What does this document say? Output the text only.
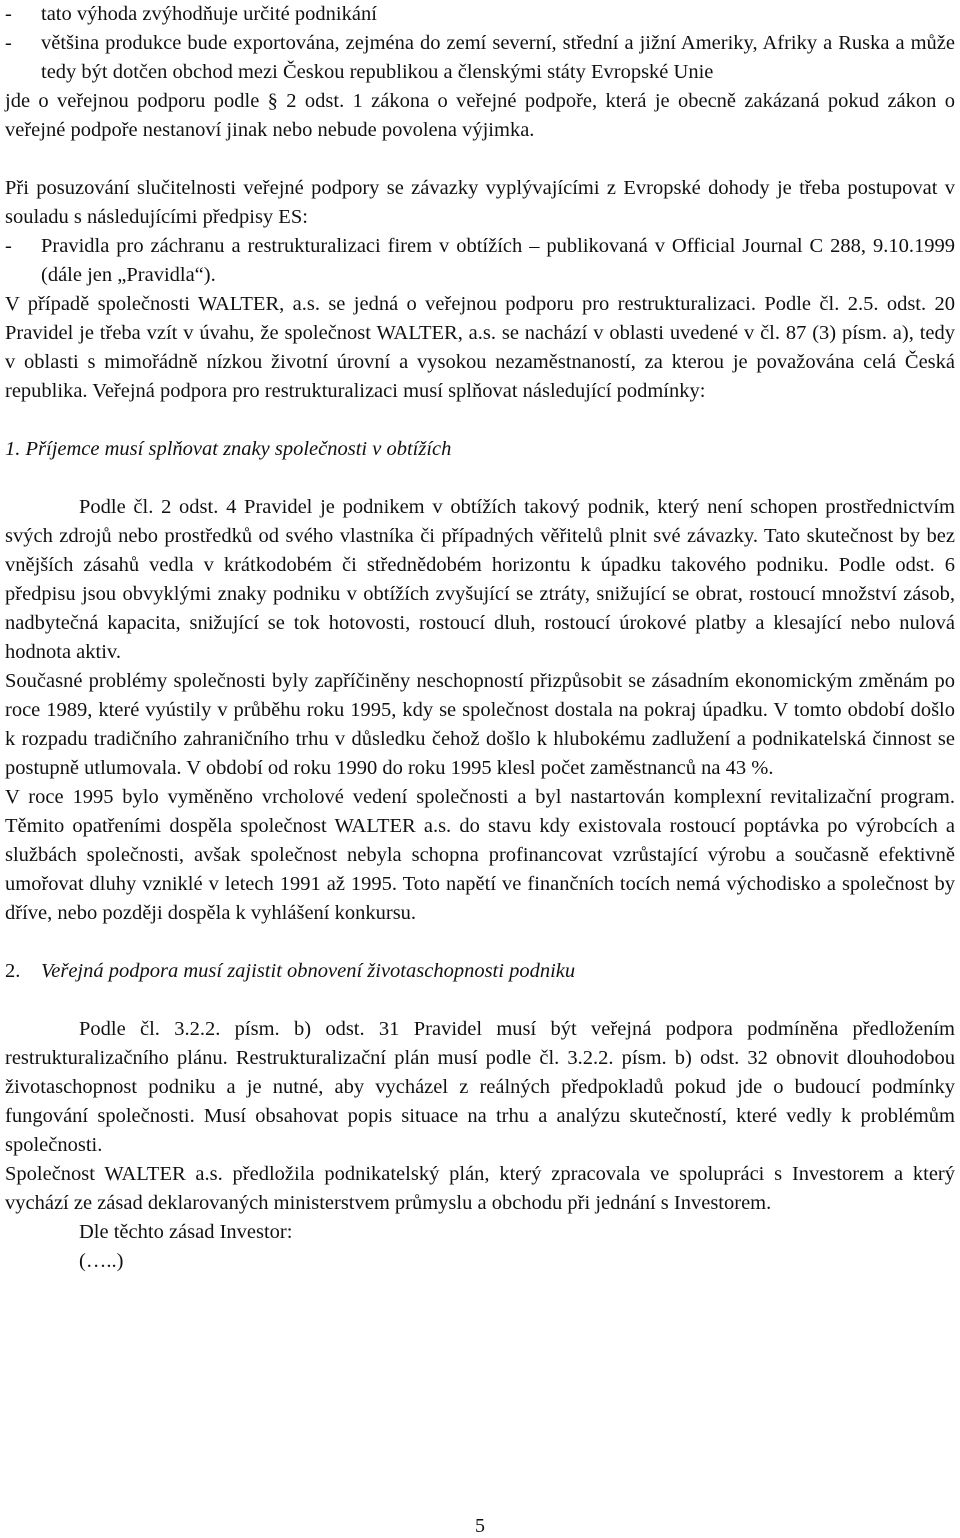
-	tato výhoda zvýhodňuje určité podnikání
-	většina produkce bude exportována, zejména do zemí severní, střední a jižní Ameriky, Afriky a Ruska a může tedy být dotčen obchod mezi Českou republikou a členskými státy Evropské Unie

jde o veřejnou podporu podle § 2 odst. 1 zákona o veřejné podpoře, která je obecně zakázaná pokud zákon o veřejné podpoře nestanoví jinak nebo nebude povolena výjimka.

Při posuzování slučitelnosti veřejné podpory se závazky vyplývajícími z Evropské dohody je třeba postupovat v souladu s následujícími předpisy ES:

-	Pravidla pro záchranu a restrukturalizaci firem v obtížích – publikovaná v Official Journal C 288, 9.10.1999 (dále jen „Pravidla“).

V případě společnosti WALTER, a.s. se jedná o veřejnou podporu pro restrukturalizaci. Podle čl. 2.5. odst. 20 Pravidel je třeba vzít v úvahu, že společnost WALTER, a.s. se nachází v oblasti uvedené v čl. 87 (3) písm. a), tedy v oblasti s mimořádně nízkou životní úrovní a vysokou nezaměstnaností, za kterou je považována celá Česká republika. Veřejná podpora pro restrukturalizaci musí splňovat následující podmínky:

1. Příjemce musí splňovat znaky společnosti v obtížích

Podle čl. 2 odst. 4 Pravidel je podnikem v obtížích takový podnik, který není schopen prostřednictvím svých zdrojů nebo prostředků od svého vlastníka či případných věřitelů plnit své závazky. Tato skutečnost by bez vnějších zásahů vedla v krátkodobém či střednědobém horizontu k úpadku takového podniku. Podle odst. 6 předpisu jsou obvyklými znaky podniku v obtížích zvyšující se ztráty, snižující se obrat, rostoucí množství zásob, nadbytečná kapacita, snižující se tok hotovosti, rostoucí dluh, rostoucí úrokové platby a klesající nebo nulová hodnota aktiv.

Současné problémy společnosti byly zapříčiněny neschopností přizpůsobit se zásadním ekonomickým změnám po roce 1989, které vyústily v průběhu roku 1995, kdy se společnost dostala na pokraj úpadku. V tomto období došlo k rozpadu tradičního zahraničního trhu v důsledku čehož došlo k hlubokému zadlužení a podnikatelská činnost se postupně utlumovala. V období od roku 1990 do roku 1995 klesl počet zaměstnanců na 43 %.

V roce 1995 bylo vyměněno vrcholové vedení společnosti a byl nastartován komplexní revitalizační program. Těmito opatřeními dospěla společnost WALTER a.s. do stavu kdy existovala rostoucí poptávka po výrobcích a službách společnosti, avšak společnost nebyla schopna profinancovat vzrůstající výrobu a současně efektivně umořovat dluhy vzniklé v letech 1991 až 1995. Toto napětí ve finančních tocích nemá východisko a společnost by dříve, nebo později dospěla k vyhlášení konkursu.

2. Veřejná podpora musí zajistit obnovení životaschopnosti podniku

Podle čl. 3.2.2. písm. b) odst. 31 Pravidel musí být veřejná podpora podmíněna předložením restrukturalizačního plánu. Restrukturalizační plán musí podle čl. 3.2.2. písm. b) odst. 32 obnovit dlouhodobou životaschopnost podniku a je nutné, aby vycházel z reálných předpokladů pokud jde o budoucí podmínky fungování společnosti. Musí obsahovat popis situace na trhu a analýzu skutečností, které vedly k problémům společnosti.

Společnost WALTER a.s. předložila podnikatelský plán, který zpracovala ve spolupráci s Investorem a který vychází ze zásad deklarovaných ministerstvem průmyslu a obchodu při jednání s Investorem.

Dle těchto zásad Investor:

(…..)

5
